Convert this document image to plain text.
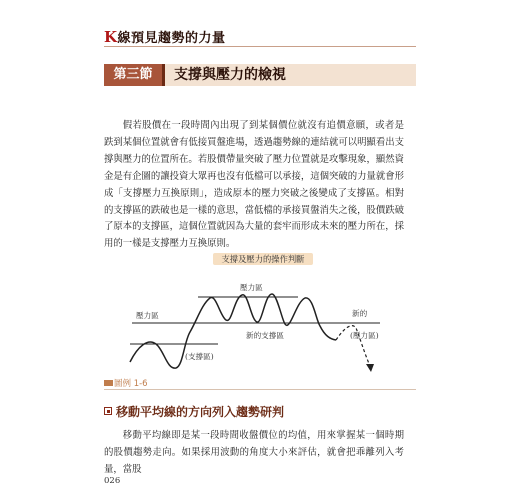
K線預見趨勢的力量
第三節	支撐與壓力的檢視

假若股價在一段時間內出現了到某個價位就沒有追價意願，或者是跌到某個位置就會有低接買盤進場，透過趨勢線的連結就可以明顯看出支撐與壓力的位置所在。若股價帶量突破了壓力位置就是攻擊現象，顯然資金是有企圖的讓投資大眾再也沒有低檔可以承接，這個突破的力量就會形成「支撐壓力互換原則」，造成原本的壓力突破之後變成了支撐區。相對的支撐區的跌破也是一樣的意思，當低檔的承接買盤消失之後，股價跌破了原本的支撐區，這個位置就因為大量的套牢而形成未來的壓力所在，採用的一樣是支撐壓力互換原則。

支撐及壓力的操作判斷
壓力區
壓力區
(支撐區)
新的支撐區
新的
(壓力區)
圖例 1-6
移動平均線的方向列入趨勢研判

移動平均線即是某一段時間收盤價位的均值，用來掌握某一個時期的股價趨勢走向。如果採用波動的角度大小來評估，就會把乖離列入考量，當股

026
